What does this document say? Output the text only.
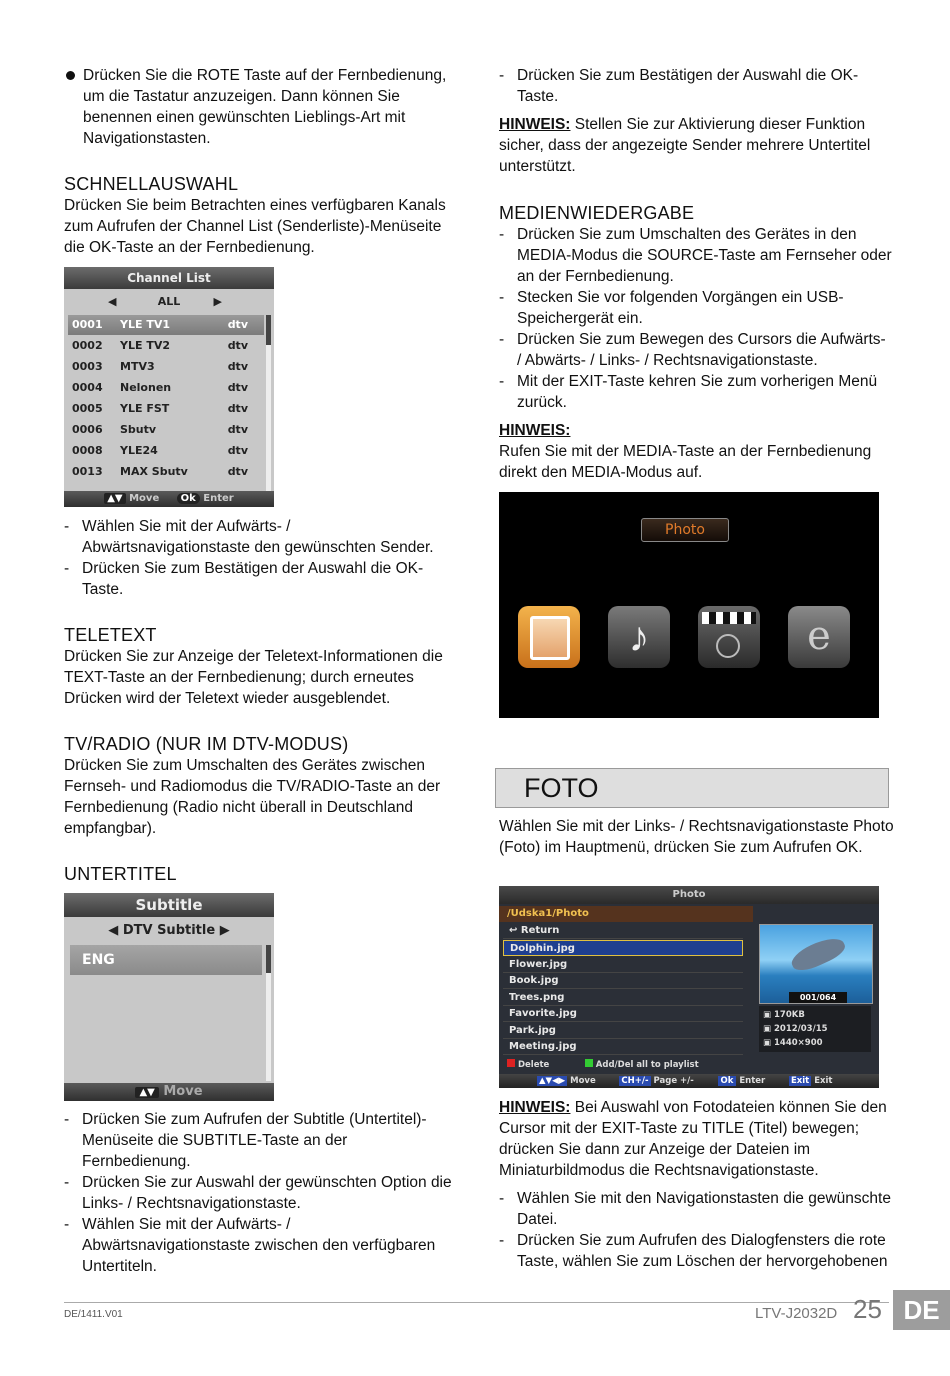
Drücken Sie die ROTE Taste auf der Fernbedienung, um die Tastatur anzuzeigen. Dann können Sie benennen einen gewünschten Lieblings-Art mit Navigationstasten.
SCHNELLAUSWAHL

Drücken Sie beim Betrachten eines verfügbaren Kanals zum Aufrufen der Channel List (Senderliste)-Menüseite die OK-Taste an der Fernbedienung.

Channel List
◀	ALL	▶
0001 YLE TV1	dtv
0002 YLE TV2	dtv
0003 MTV3	dtv
0004 Nelonen	dtv
0005 YLE FST	dtv
0006 Sbutv	dtv
0008 YLE24	dtv
0013 MAX Sbutv	dtv
▲▼ Move Ok Enter
- Wählen Sie mit der Aufwärts- / Abwärtsnavigationstaste den gewünschten Sender.
- Drücken Sie zum Bestätigen der Auswahl die OK-Taste.
TELETEXT

Drücken Sie zur Anzeige der Teletext-Informationen die TEXT-Taste an der Fernbedienung; durch erneutes Drücken wird der Teletext wieder ausgeblendet.

TV/RADIO (NUR IM DTV-MODUS)

Drücken Sie zum Umschalten des Gerätes zwischen Fernseh- und Radiomodus die TV/RADIO-Taste an der Fernbedienung (Radio nicht überall in Deutschland empfangbar).

UNTERTITEL
Subtitle
◀ DTV Subtitle ▶
ENG
▲▼ Move
- Drücken Sie zum Aufrufen der Subtitle (Untertitel)-Menüseite die SUBTITLE-Taste an der Fernbedienung.
- Drücken Sie zur Auswahl der gewünschten Option die Links- / Rechtsnavigationstaste.
- Wählen Sie mit der Aufwärts- / Abwärtsnavigationstaste zwischen den verfügbaren Untertiteln.
- Drücken Sie zum Bestätigen der Auswahl die OK-Taste.

HINWEIS: Stellen Sie zur Aktivierung dieser Funktion sicher, dass der angezeigte Sender mehrere Untertitel unterstützt.

MEDIENWIEDERGABE
- Drücken Sie zum Umschalten des Gerätes in den MEDIA-Modus die SOURCE-Taste am Fernseher oder an der Fernbedienung.
- Stecken Sie vor folgenden Vorgängen ein USB-Speichergerät ein.
- Drücken Sie zum Bewegen des Cursors die Aufwärts- / Abwärts- / Links- / Rechtsnavigationstaste.
- Mit der EXIT-Taste kehren Sie zum vorherigen Menü zurück.

HINWEIS:

Rufen Sie mit der MEDIA-Taste an der Fernbedienung direkt den MEDIA-Modus auf.

Photo
♪	e
FOTO

Wählen Sie mit der Links- / Rechtsnavigationstaste Photo (Foto) im Hauptmenü, drücken Sie zum Aufrufen OK.

Photo
/Udska1/Photo
↩ Return
Dolphin.jpg
Flower.jpg
Book.jpg
Trees.png
Favorite.jpg
Park.jpg
Meeting.jpg
001/064
▣ 170KB
▣ 2012/03/15
▣ 1440×900
Delete	Add/Del all to playlist
▲▼◀▶ Move	CH+/- Page +/-	Ok Enter	Exit Exit

HINWEIS: Bei Auswahl von Fotodateien können Sie den Cursor mit der EXIT-Taste zu TITLE (Titel) bewegen; drücken Sie dann zur Anzeige der Dateien im Miniaturbildmodus die Rechtsnavigationstaste.

- Wählen Sie mit den Navigationstasten die gewünschte Datei.
- Drücken Sie zum Aufrufen des Dialogfensters die rote Taste, wählen Sie zum Löschen der hervorgehobenen
DE/1411.V01	LTV-J2032D 25 DE
